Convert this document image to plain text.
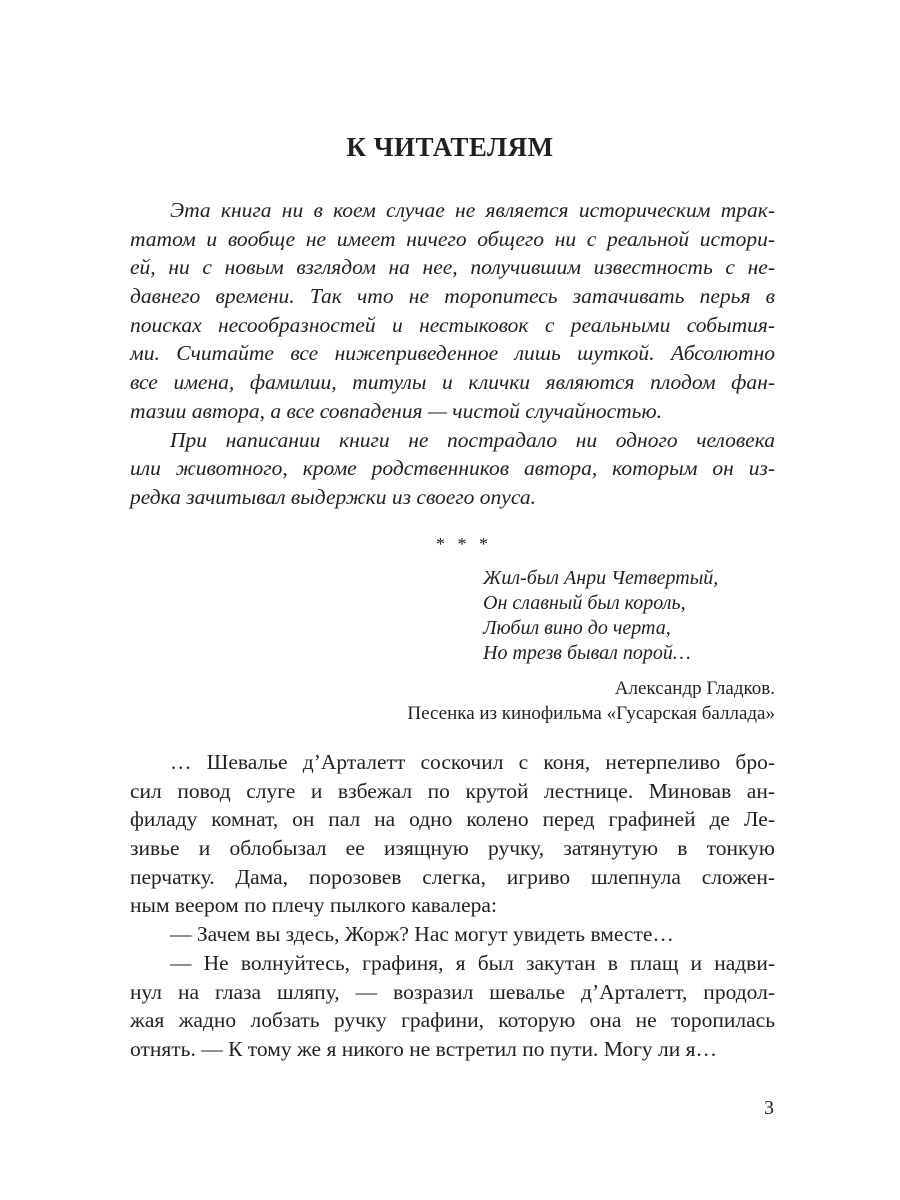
К ЧИТАТЕЛЯМ
Эта книга ни в коем случае не является историческим трак-
татом и вообще не имеет ничего общего ни с реальной истори-
ей, ни с новым взглядом на нее, получившим известность с не-
давнего времени. Так что не торопитесь затачивать перья в
поисках несообразностей и нестыковок с реальными события-
ми. Считайте все нижеприведенное лишь шуткой. Абсолютно
все имена, фамилии, титулы и клички являются плодом фан-
тазии автора, а все совпадения — чистой случайностью.
При написании книги не пострадало ни одного человека
или животного, кроме родственников автора, которым он из-
редка зачитывал выдержки из своего опуса.
* * *
Жил-был Анри Четвертый,
Он славный был король,
Любил вино до черта,
Но трезв бывал порой…
Александр Гладков.
Песенка из кинофильма «Гусарская баллада»
… Шевалье д’Арталетт соскочил с коня, нетерпеливо бро-
сил повод слуге и взбежал по крутой лестнице. Миновав ан-
филаду комнат, он пал на одно колено перед графиней де Ле-
зивье и облобызал ее изящную ручку, затянутую в тонкую
перчатку. Дама, порозовев слегка, игриво шлепнула сложен-
ным веером по плечу пылкого кавалера:
— Зачем вы здесь, Жорж? Нас могут увидеть вместе…
— Не волнуйтесь, графиня, я был закутан в плащ и надви-
нул на глаза шляпу, — возразил шевалье д’Арталетт, продол-
жая жадно лобзать ручку графини, которую она не торопилась
отнять. — К тому же я никого не встретил по пути. Могу ли я…
3
